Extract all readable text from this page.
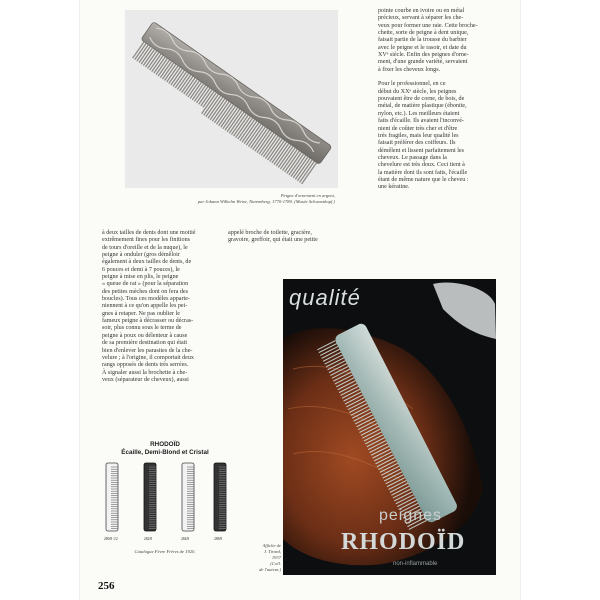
Peigne d'ornement en argent,
par Johann Wilhelm Weise, Nuremberg, 1770-1780. (Musée Schwarzkopf.)

pointe courbe en ivoire ou en métal

précieux, servant à séparer les che-

veux pour former une raie. Cette broche-

chette, sorte de peigne à dent unique,

faisait partie de la trousse du barbier

avec le peigne et le rasoir, et date du

XVᵉ siècle. Enfin des peignes d'orne-

ment, d'une grande variété, servaient

à fixer les cheveux longs.

Pour le professionnel, en ce

début du XXᵉ siècle, les peignes

pouvaient être de corne, de bois, de

métal, de matière plastique (ébonite,

nylon, etc.). Les meilleurs étaient

faits d'écaille. Ils avaient l'inconvé-

nient de coûter très cher et d'être

très fragiles, mais leur qualité les

faisait préférer des coiffeurs. Ils

démêlent et lissent parfaitement les

cheveux. Le passage dans la

chevelure est très doux. Ceci tient à

la matière dont ils sont faits, l'écaille

étant de même nature que le cheveu :

une kératine.

à deux tailles de dents dont une moitié

extrêmement fines pour les finitions

de tours d'oreille et de la nuque), le

peigne à onduler (gros démêloir

également à deux tailles de dents, de

6 pouces et demi à 7 pouces), le

peigne à mise en plis, le peigne

« queue de rat » (pour la séparation

des petites mèches dont on fera des

boucles). Tous ces modèles apparte-

niennent à ce qu'on appelle les pei-

gnes à retaper. Ne pas oublier le

fameux peigne à décrasser ou décras-

soir, plus connu sous le terme de

peigne à poux ou délenteur à cause

de sa première destination qui était

bien d'enlever les parasites de la che-

velure ; à l'origine, il comportait deux

rangs opposés de dents très serrées.

À signaler aussi la brochette à che-

veux (séparateur de cheveux), aussi

appelé broche de toilette, gracière,

gravoire, greffoir, qui était une petite

RHODOÏD
Écaille, Demi-Blond et Cristal
280/8 1/2	282/8	284/8	288/8
Catalogue Fèvre Frères de 1920.
Affiche de
J. Tirard,
1937
(Coll.
de l'auteur.)
qualité
peignes
RHODOÏD
non-inflammable
256
